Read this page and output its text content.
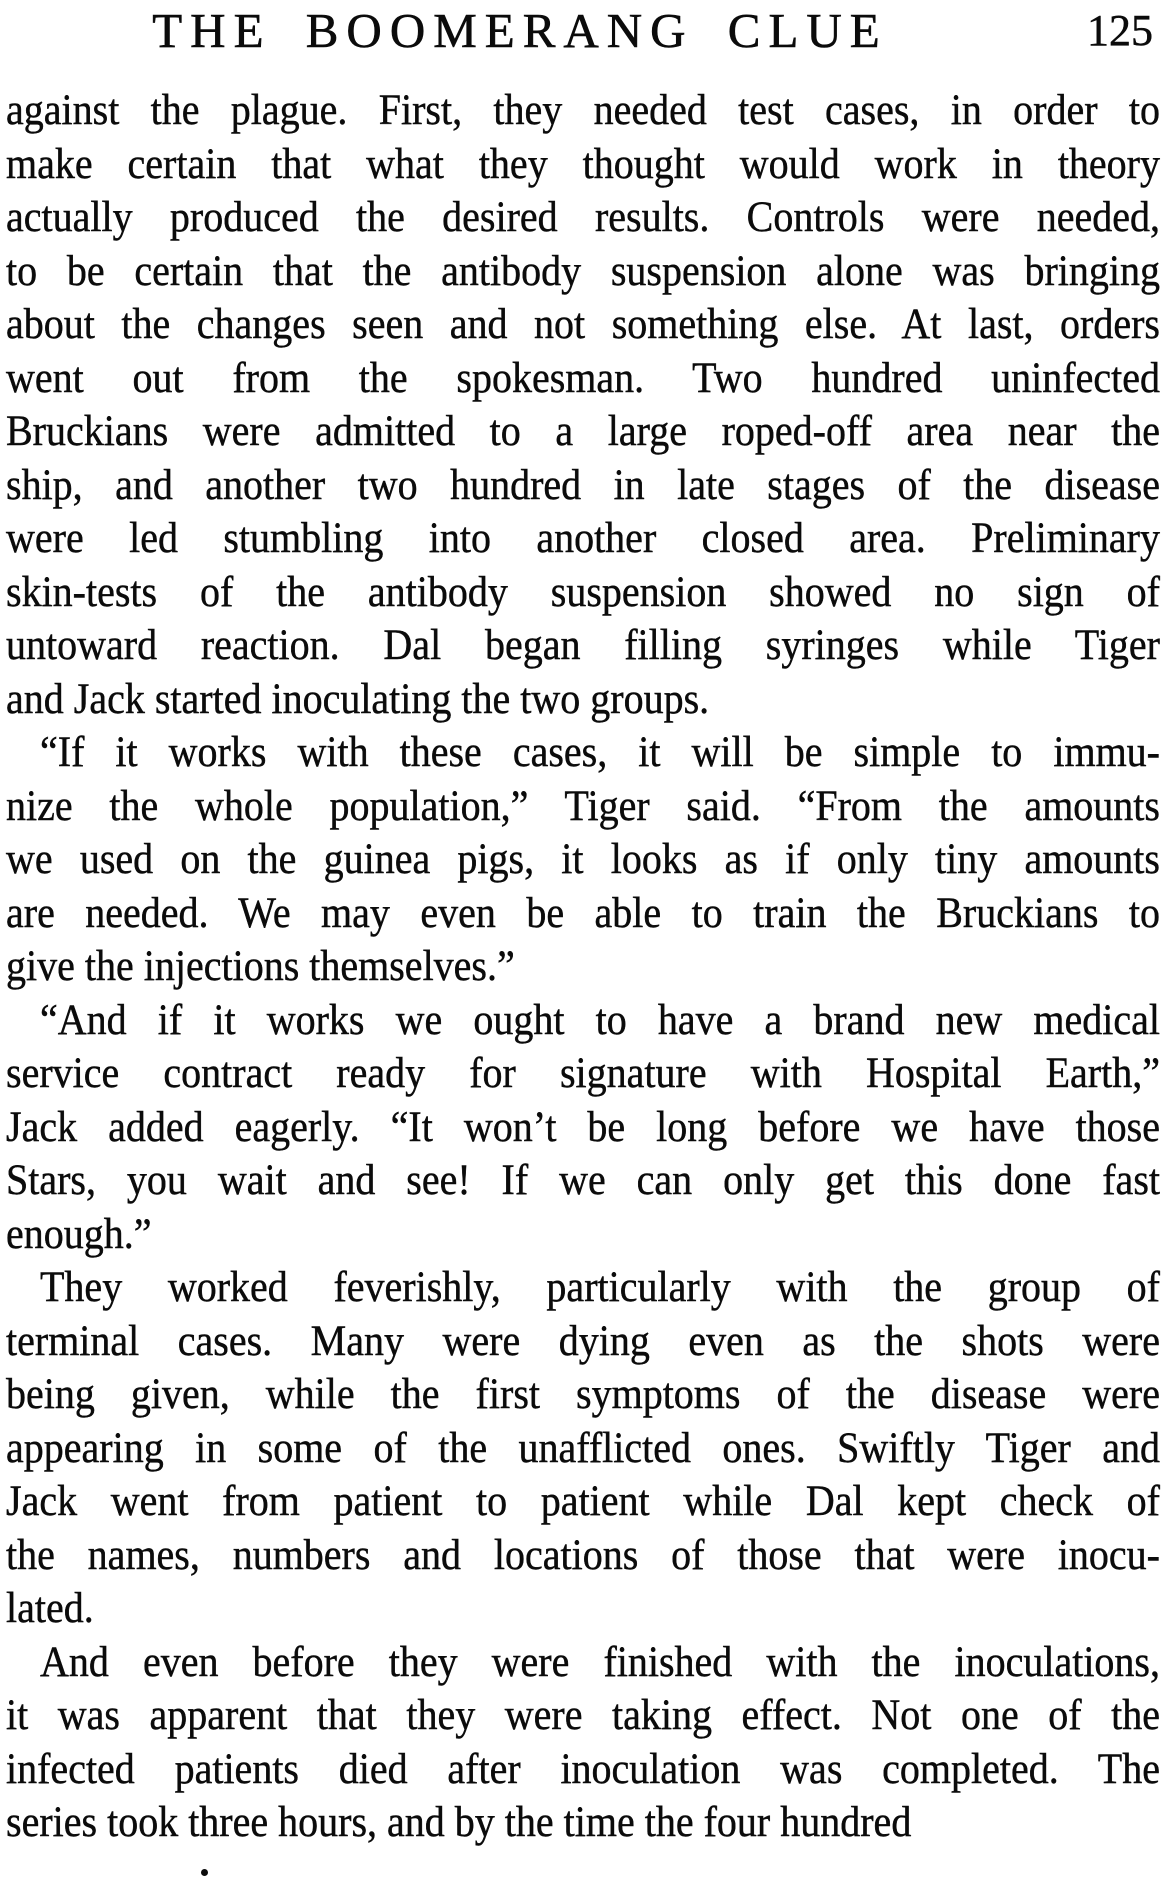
THE BOOMERANG CLUE	125
against the plague. First, they needed test cases, in order to
make certain that what they thought would work in theory
actually produced the desired results. Controls were needed,
to be certain that the antibody suspension alone was bringing
about the changes seen and not something else. At last, orders
went out from the spokesman. Two hundred uninfected
Bruckians were admitted to a large roped-off area near the
ship, and another two hundred in late stages of the disease
were led stumbling into another closed area. Preliminary
skin-tests of the antibody suspension showed no sign of
untoward reaction. Dal began filling syringes while Tiger
and Jack started inoculating the two groups.
“If it works with these cases, it will be simple to immu-
nize the whole population,” Tiger said. “From the amounts
we used on the guinea pigs, it looks as if only tiny amounts
are needed. We may even be able to train the Bruckians to
give the injections themselves.”
“And if it works we ought to have a brand new medical
service contract ready for signature with Hospital Earth,”
Jack added eagerly. “It won’t be long before we have those
Stars, you wait and see! If we can only get this done fast
enough.”
They worked feverishly, particularly with the group of
terminal cases. Many were dying even as the shots were
being given, while the first symptoms of the disease were
appearing in some of the unafflicted ones. Swiftly Tiger and
Jack went from patient to patient while Dal kept check of
the names, numbers and locations of those that were inocu-
lated.
And even before they were finished with the inoculations,
it was apparent that they were taking effect. Not one of the
infected patients died after inoculation was completed. The
series took three hours, and by the time the four hundred
